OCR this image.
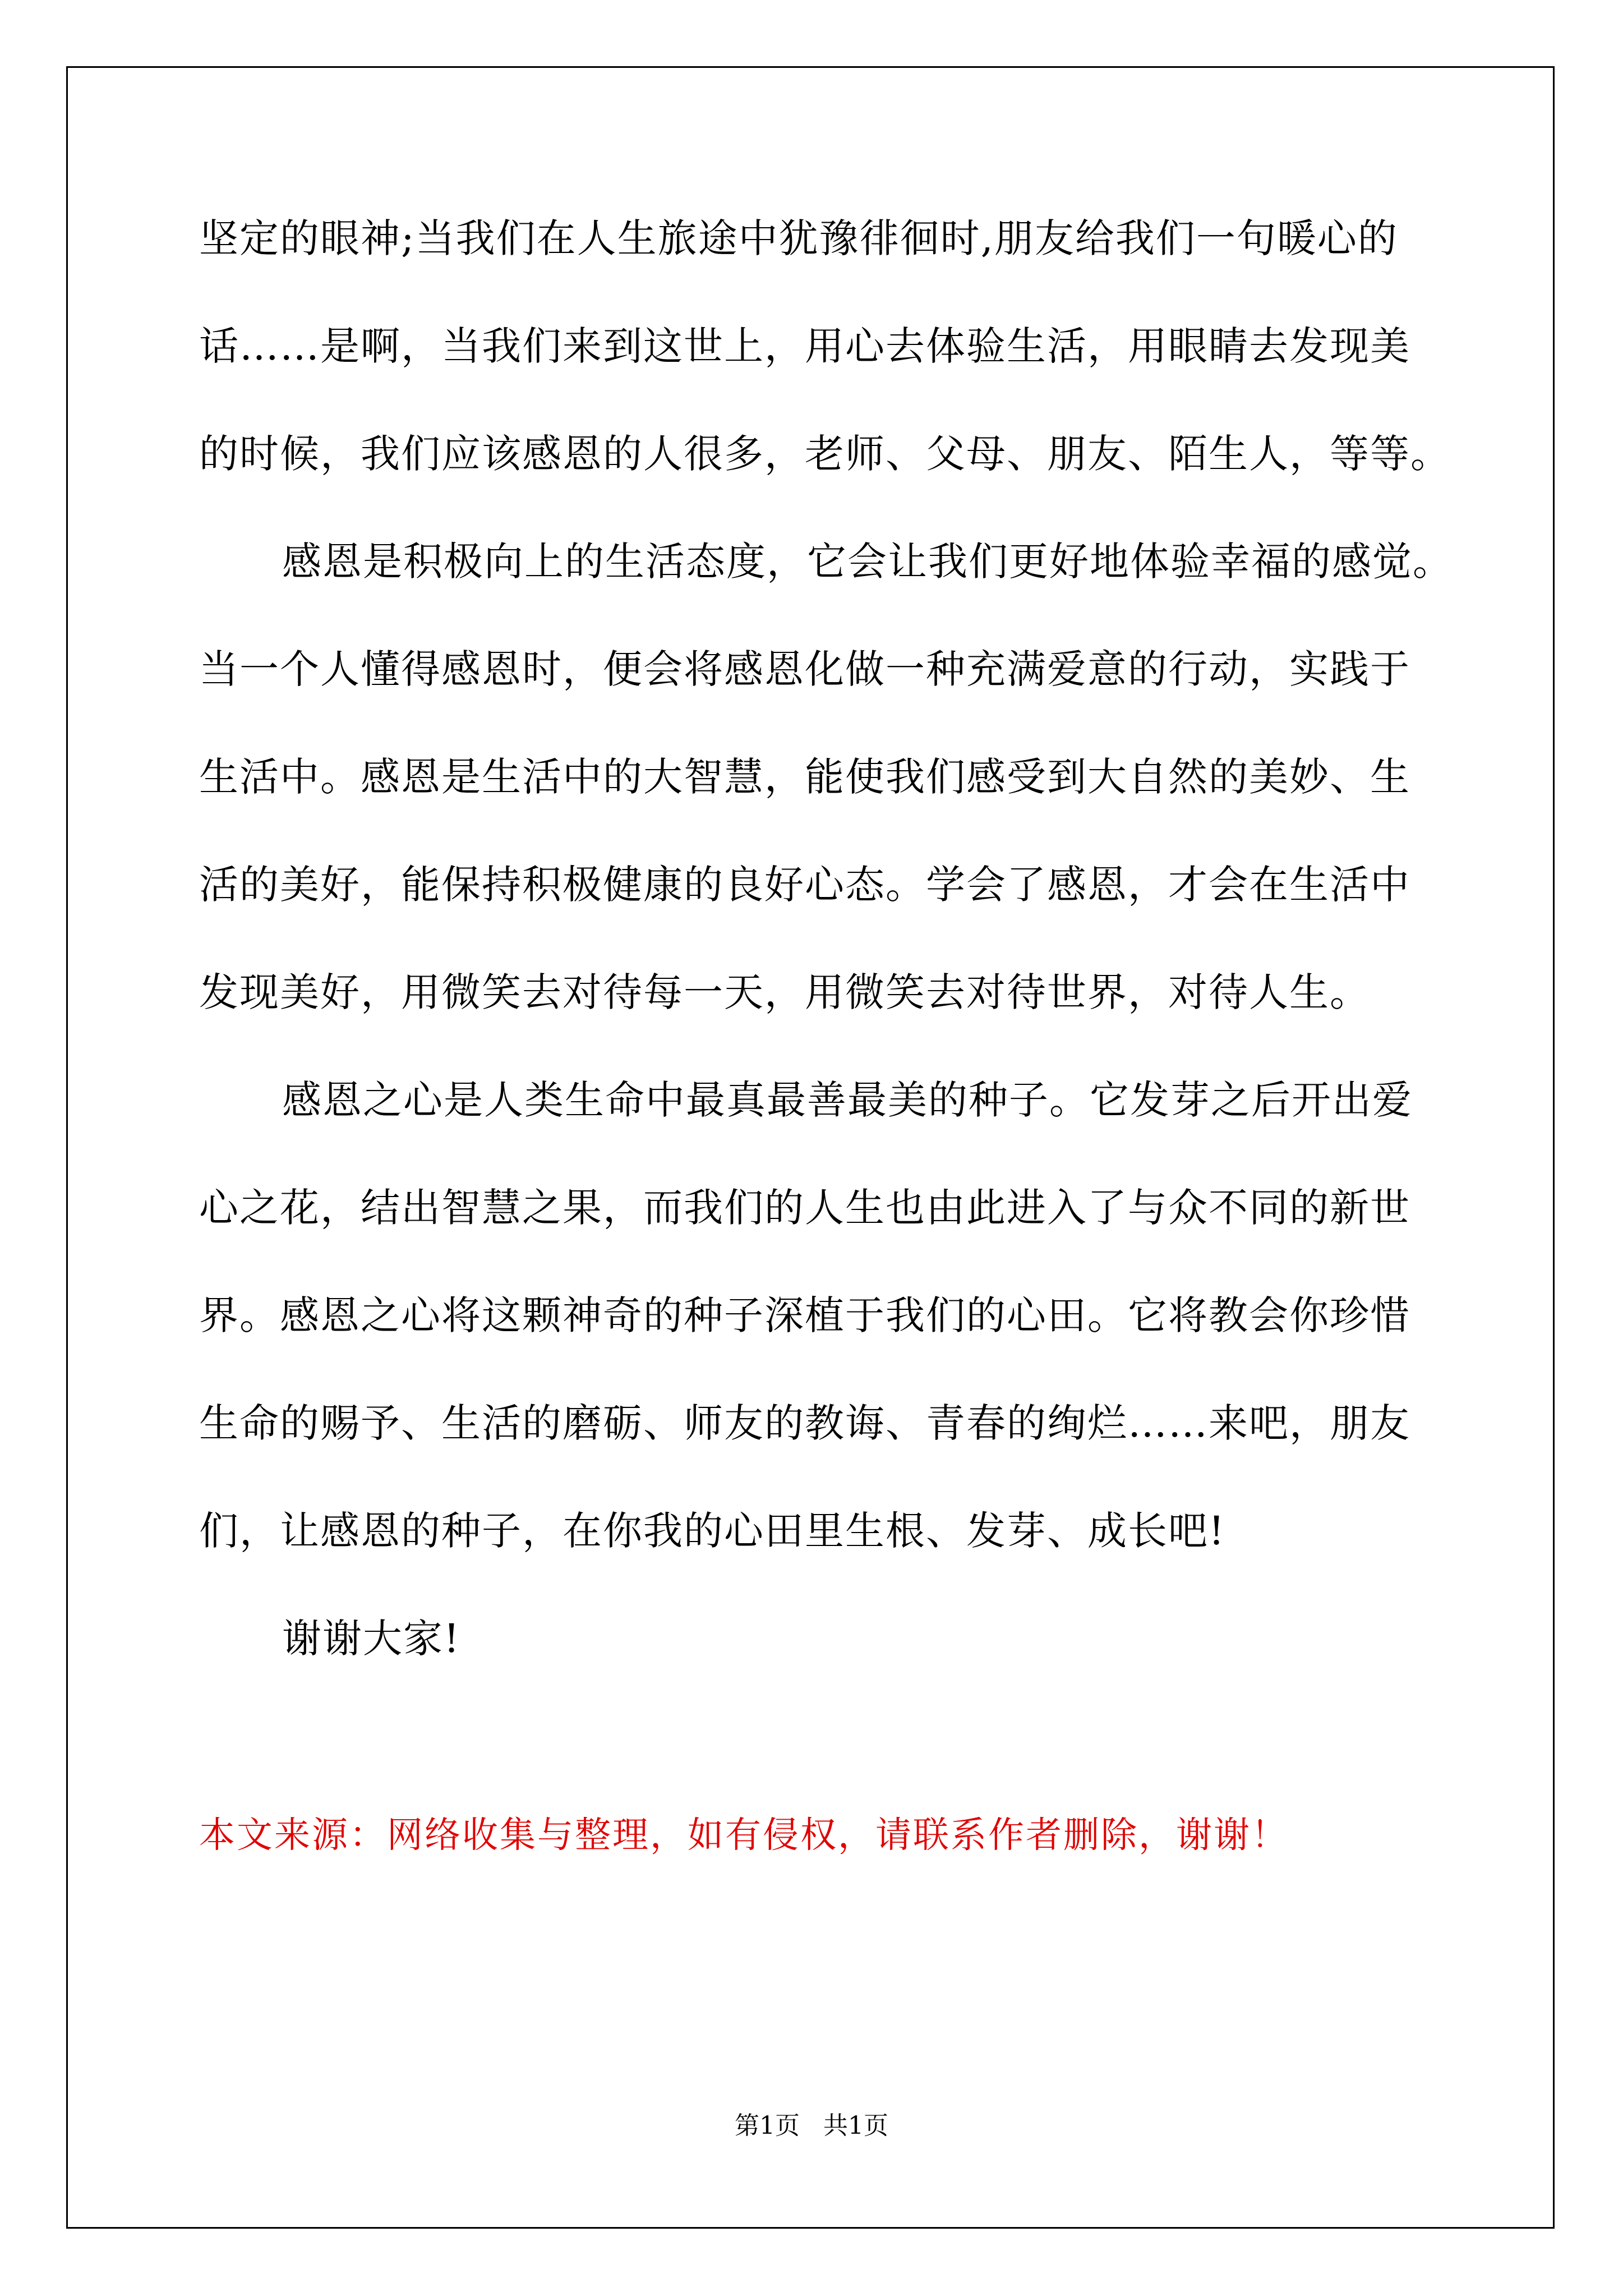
坚定的眼神;当我们在人生旅途中犹豫徘徊时,朋友给我们一句暖心的
话……是啊，当我们来到这世上，用心去体验生活，用眼睛去发现美
的时候，我们应该感恩的人很多，老师、父母、朋友、陌生人，等等。
感恩是积极向上的生活态度，它会让我们更好地体验幸福的感觉。
当一个人懂得感恩时，便会将感恩化做一种充满爱意的行动，实践于
生活中。感恩是生活中的大智慧，能使我们感受到大自然的美妙、生
活的美好，能保持积极健康的良好心态。学会了感恩，才会在生活中
发现美好，用微笑去对待每一天，用微笑去对待世界，对待人生。
感恩之心是人类生命中最真最善最美的种子。它发芽之后开出爱
心之花，结出智慧之果，而我们的人生也由此进入了与众不同的新世
界。感恩之心将这颗神奇的种子深植于我们的心田。它将教会你珍惜
生命的赐予、生活的磨砺、师友的教诲、青春的绚烂……来吧，朋友
们，让感恩的种子，在你我的心田里生根、发芽、成长吧!
谢谢大家!
本文来源：网络收集与整理，如有侵权，请联系作者删除，谢谢！
第1页   共1页
